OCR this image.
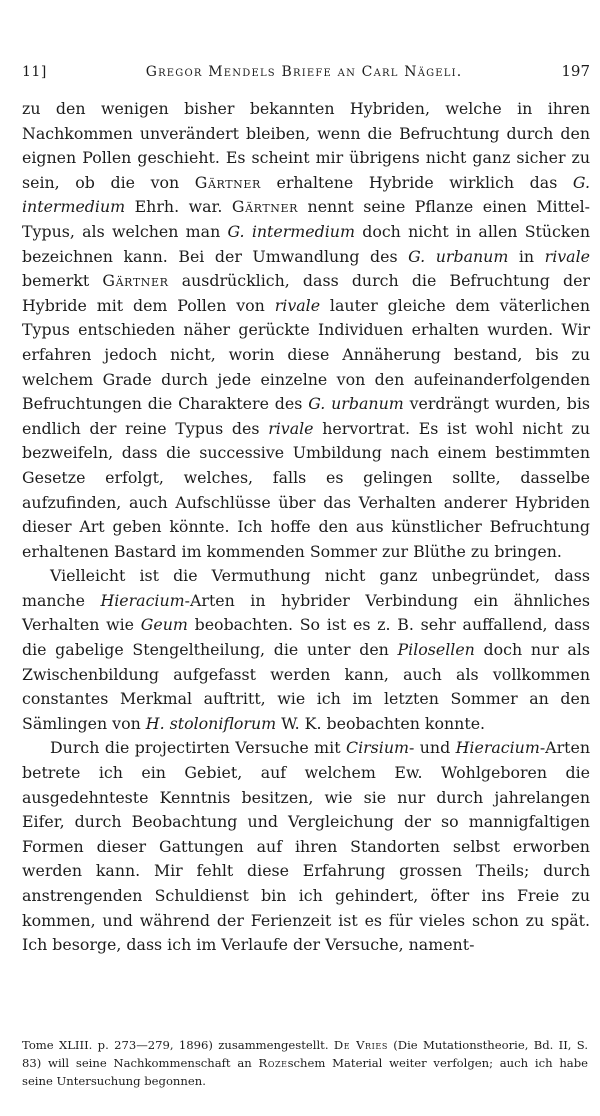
11]	Gregor Mendels Briefe an Carl Nägeli.	197

zu den wenigen bisher bekannten Hybriden, welche in ihren Nachkommen unverändert bleiben, wenn die Befruchtung durch den eignen Pollen geschieht. Es scheint mir übrigens nicht ganz sicher zu sein, ob die von Gärtner erhaltene Hybride wirklich das G. intermedium Ehrh. war. Gärtner nennt seine Pflanze einen Mittel-Typus, als welchen man G. intermedium doch nicht in allen Stücken bezeichnen kann. Bei der Umwandlung des G. urbanum in rivale bemerkt Gärtner ausdrücklich, dass durch die Befruchtung der Hybride mit dem Pollen von rivale lauter gleiche dem väterlichen Typus entschieden näher gerückte Individuen erhalten wurden. Wir erfahren jedoch nicht, worin diese Annäherung bestand, bis zu welchem Grade durch jede einzelne von den aufeinanderfolgenden Befruchtungen die Charaktere des G. urbanum verdrängt wurden, bis endlich der reine Typus des rivale hervortrat. Es ist wohl nicht zu bezweifeln, dass die successive Umbildung nach einem bestimmten Gesetze erfolgt, welches, falls es gelingen sollte, dasselbe aufzufinden, auch Aufschlüsse über das Verhalten anderer Hybriden dieser Art geben könnte. Ich hoffe den aus künstlicher Befruchtung erhaltenen Bastard im kommenden Sommer zur Blüthe zu bringen.

Vielleicht ist die Vermuthung nicht ganz unbegründet, dass manche Hieracium-Arten in hybrider Verbindung ein ähnliches Verhalten wie Geum beobachten. So ist es z. B. sehr auffallend, dass die gabelige Stengeltheilung, die unter den Pilosellen doch nur als Zwischenbildung aufgefasst werden kann, auch als vollkommen constantes Merkmal auftritt, wie ich im letzten Sommer an den Sämlingen von H. stoloniflorum W. K. beobachten konnte.

Durch die projectirten Versuche mit Cirsium- und Hieracium-Arten betrete ich ein Gebiet, auf welchem Ew. Wohlgeboren die ausgedehnteste Kenntnis besitzen, wie sie nur durch jahrelangen Eifer, durch Beobachtung und Vergleichung der so mannigfaltigen Formen dieser Gattungen auf ihren Standorten selbst erworben werden kann. Mir fehlt diese Erfahrung grossen Theils; durch anstrengenden Schuldienst bin ich gehindert, öfter ins Freie zu kommen, und während der Ferienzeit ist es für vieles schon zu spät. Ich besorge, dass ich im Verlaufe der Versuche, nament-

Tome XLIII. p. 273—279, 1896) zusammengestellt. De Vries (Die Mutationstheorie, Bd. II, S. 83) will seine Nachkommenschaft an Rozeschem Material weiter verfolgen; auch ich habe seine Untersuchung begonnen.
